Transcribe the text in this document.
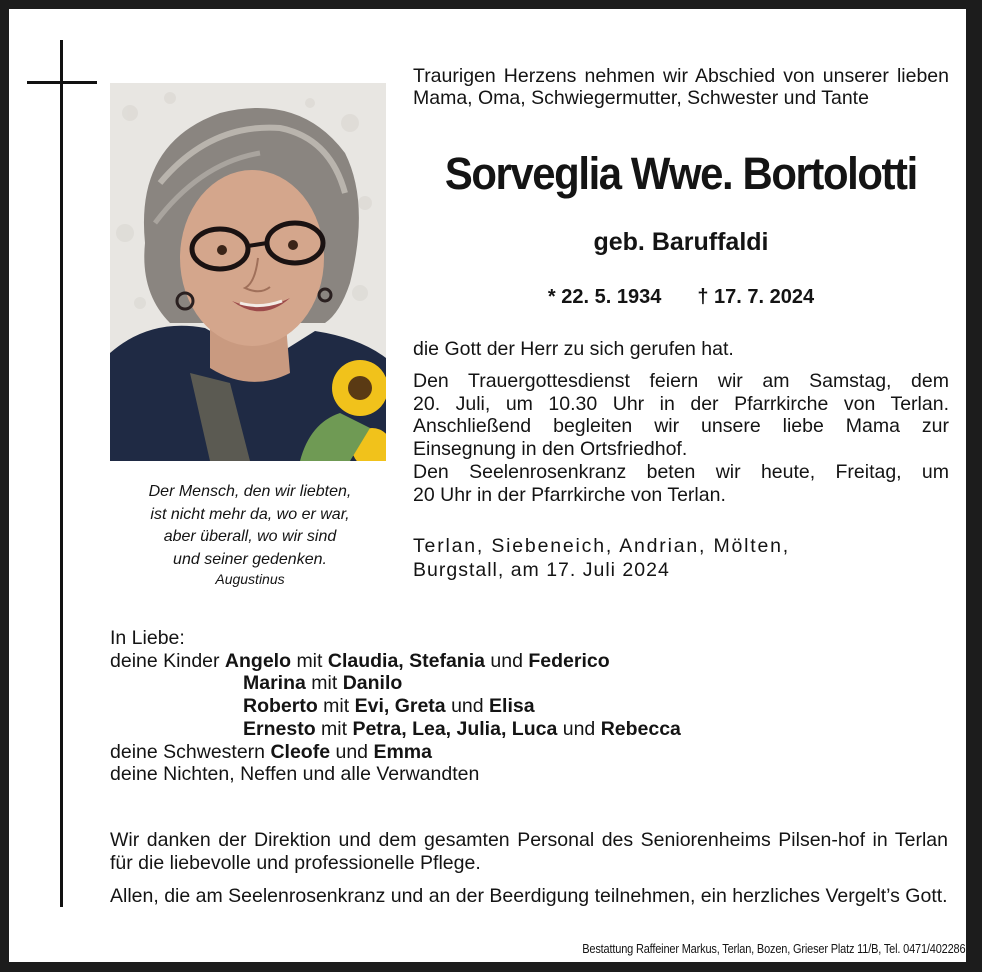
Der Mensch, den wir liebten,
ist nicht mehr da, wo er war,
aber überall, wo wir sind
und seiner gedenken.
Augustinus
Traurigen Herzens nehmen wir Abschied von unserer lieben Mama, Oma, Schwiegermutter, Schwester und Tante
Sorveglia Wwe. Bortolotti
geb. Baruffaldi
* 22. 5. 1934 † 17. 7. 2024
die Gott der Herr zu sich gerufen hat.
Den Trauergottesdienst feiern wir am Samstag, dem
20. Juli, um 10.30 Uhr in der Pfarrkirche von Terlan.
Anschließend begleiten wir unsere liebe Mama zur
Einsegnung in den Ortsfriedhof.
Den Seelenrosenkranz beten wir heute, Freitag, um
20 Uhr in der Pfarrkirche von Terlan.
Terlan, Siebeneich, Andrian, Mölten,
Burgstall, am 17. Juli 2024
In Liebe:
deine Kinder Angelo mit Claudia, Stefania und Federico
Marina mit Danilo
Roberto mit Evi, Greta und Elisa
Ernesto mit Petra, Lea, Julia, Luca und Rebecca
deine Schwestern Cleofe und Emma
deine Nichten, Neffen und alle Verwandten
Wir danken der Direktion und dem gesamten Personal des Seniorenheims Pilsen-hof in Terlan für die liebevolle und professionelle Pflege.
Allen, die am Seelenrosenkranz und an der Beerdigung teilnehmen, ein herzliches Vergelt’s Gott.
Bestattung Raffeiner Markus, Terlan, Bozen, Grieser Platz 11/B, Tel. 0471/402286
